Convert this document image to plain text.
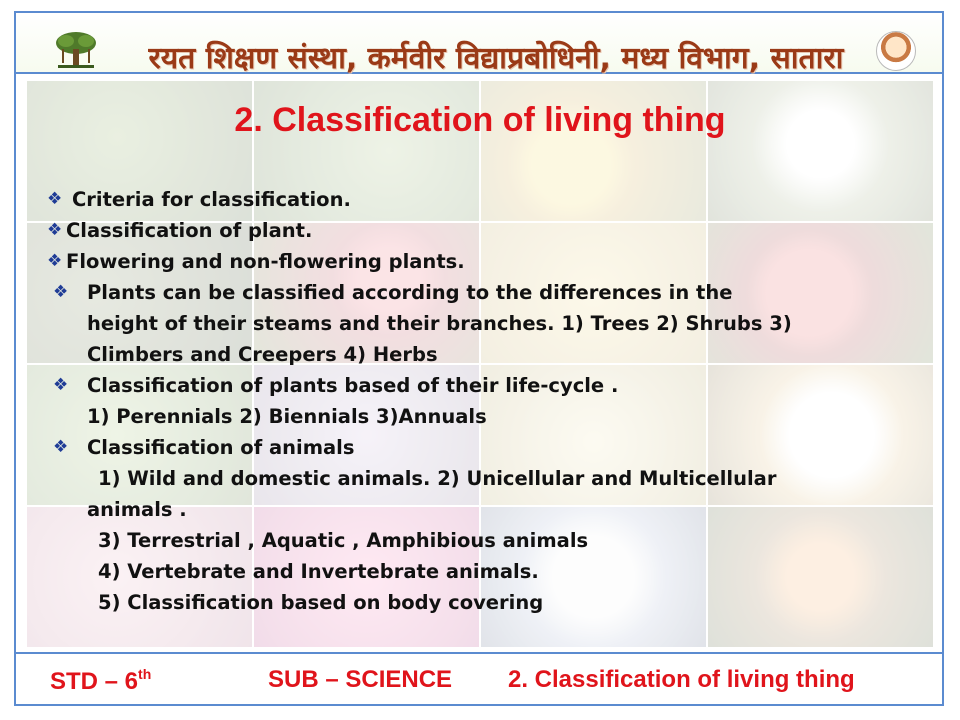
रयत शिक्षण संस्था, कर्मवीर विद्याप्रबोधिनी, मध्य विभाग, सातारा
2. Classification of living thing
❖ Criteria for classification.
❖ Classification of plant.
❖ Flowering and non-flowering plants.
❖ Plants can be classified according to the differences in the
height of their steams and their branches. 1) Trees 2) Shrubs 3)
Climbers and Creepers 4) Herbs
❖ Classification of plants based of their life-cycle .
1) Perennials 2) Biennials 3)Annuals
❖ Classification of animals
1) Wild and domestic animals. 2) Unicellular and Multicellular
animals .
3) Terrestrial , Aquatic , Amphibious animals
4) Vertebrate and Invertebrate animals.
5) Classification based on body covering
STD – 6th	SUB – SCIENCE 2. Classification of living thing
